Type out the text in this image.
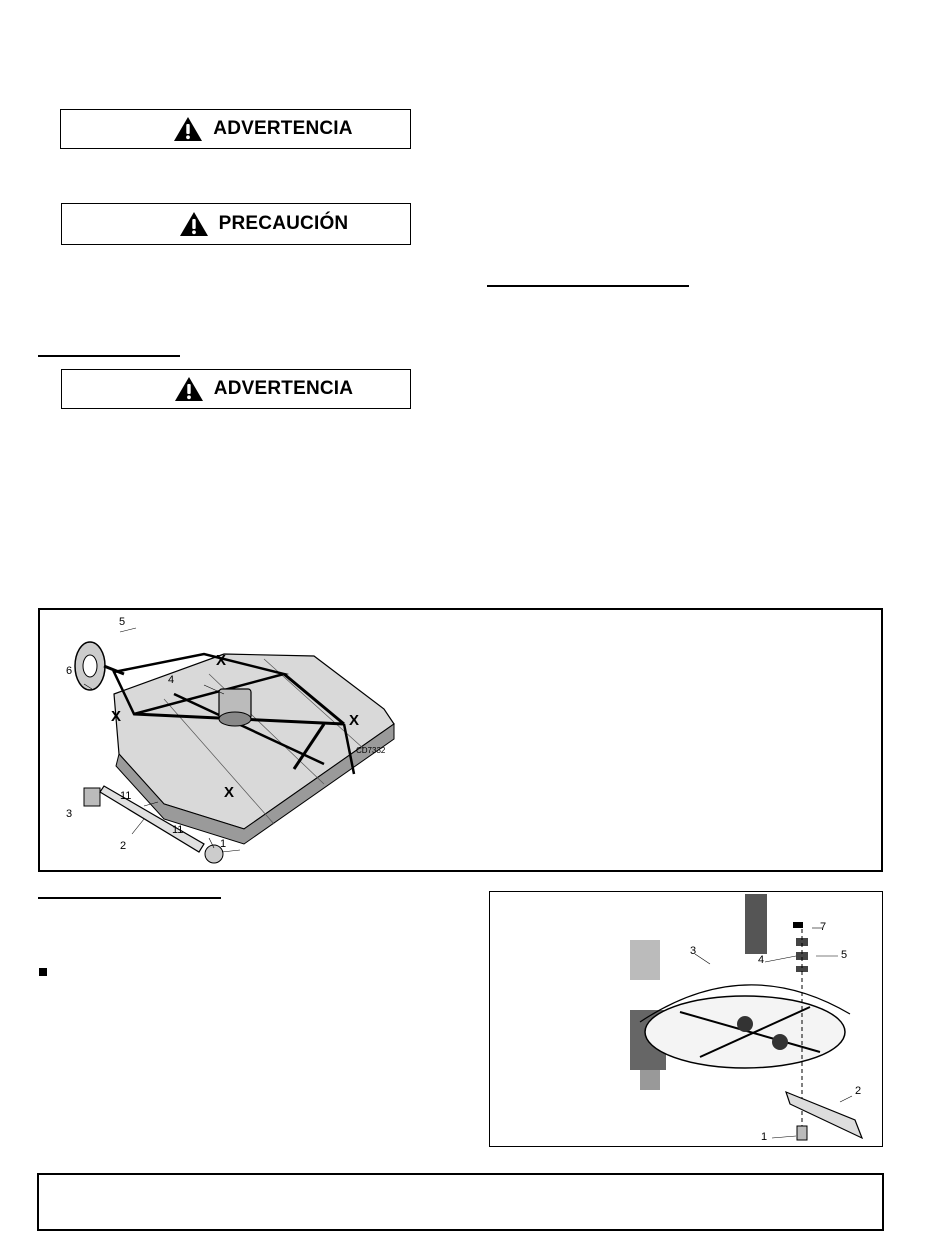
ADVERTENCIA
PRECAUCIÓN
ADVERTENCIA
5
6
4
3
11
2
11
1
X
X	X
X
CD7332
7
5
4
3
2
1
